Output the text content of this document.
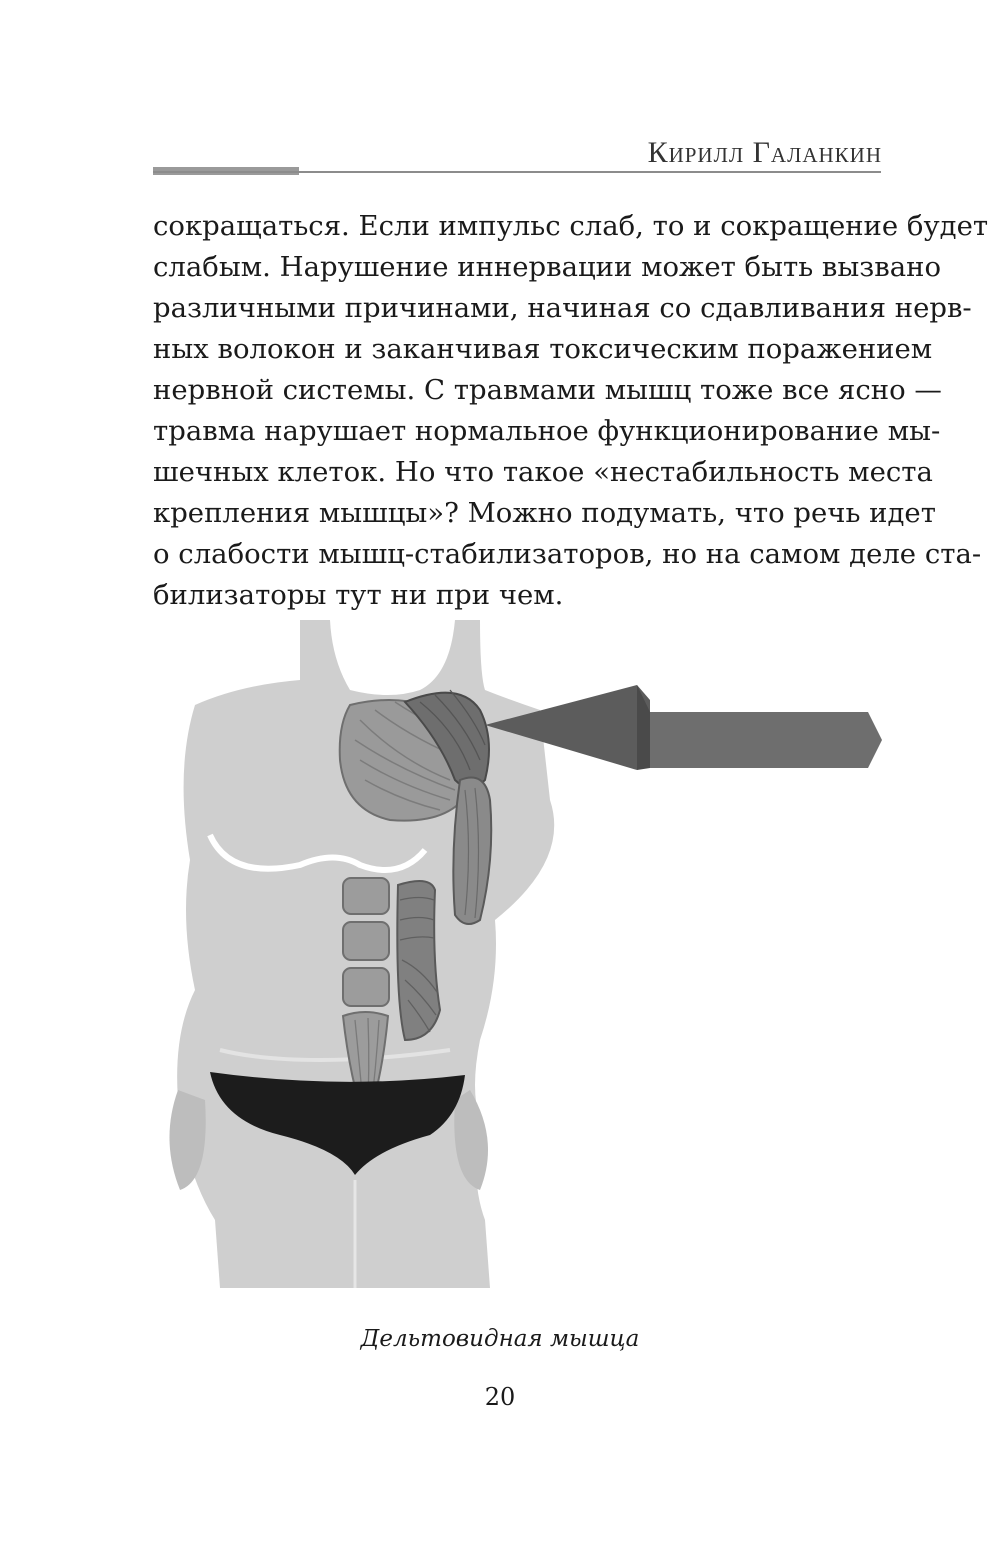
Кирилл Галанкин
сокращаться. Если импульс слаб, то и сокращение будет
слабым. Нарушение иннервации может быть вызвано
различными причинами, начиная со сдавливания нерв-
ных волокон и заканчивая токсическим поражением
нервной системы. С травмами мышц тоже все ясно —
травма нарушает нормальное функционирование мы-
шечных клеток. Но что такое «нестабильность места
крепления мышцы»? Можно подумать, что речь идет
о слабости мышц-стабилизаторов, но на самом деле ста-
билизаторы тут ни при чем.
Дельтовидная мышца
20
